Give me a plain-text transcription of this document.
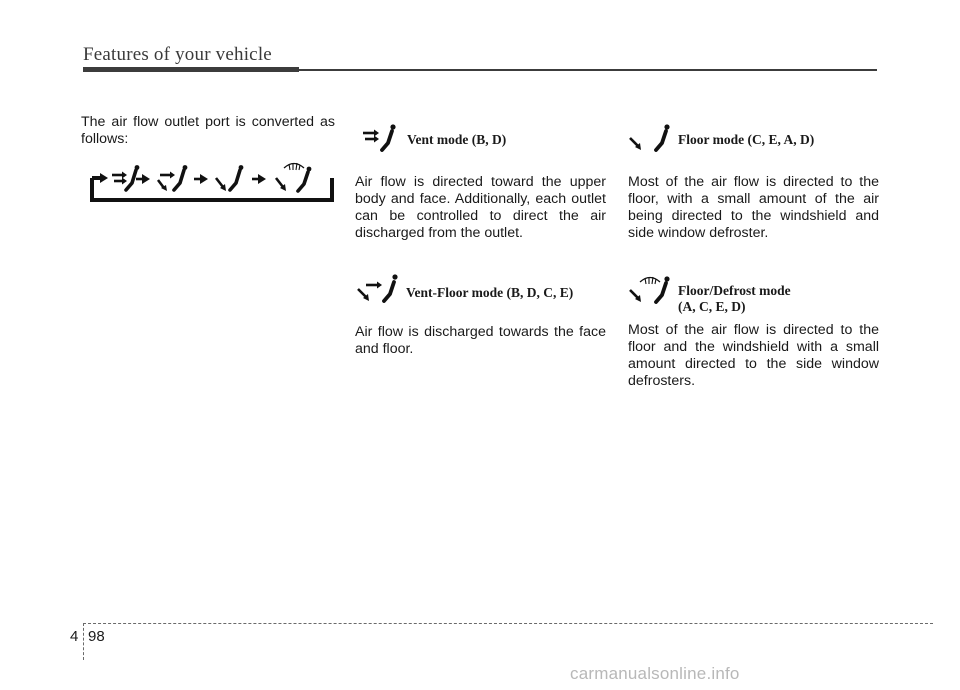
Features of your vehicle

The air flow outlet port is converted as follows:	Vent mode (B, D)

Air flow is directed toward the upper body and face. Additionally, each outlet can be controlled to direct the air discharged from the outlet.

Vent-Floor mode (B, D, C, E)

Air flow is discharged towards the face and floor.

Floor mode (C, E, A, D)

Most of the air flow is directed to the floor, with a small amount of the air being directed to the windshield and side window defroster.

Floor/Defrost mode
(A, C, E, D)

Most of the air flow is directed to the floor and the windshield with a small amount directed to the side window defrosters.

4 98
carmanualsonline.info
